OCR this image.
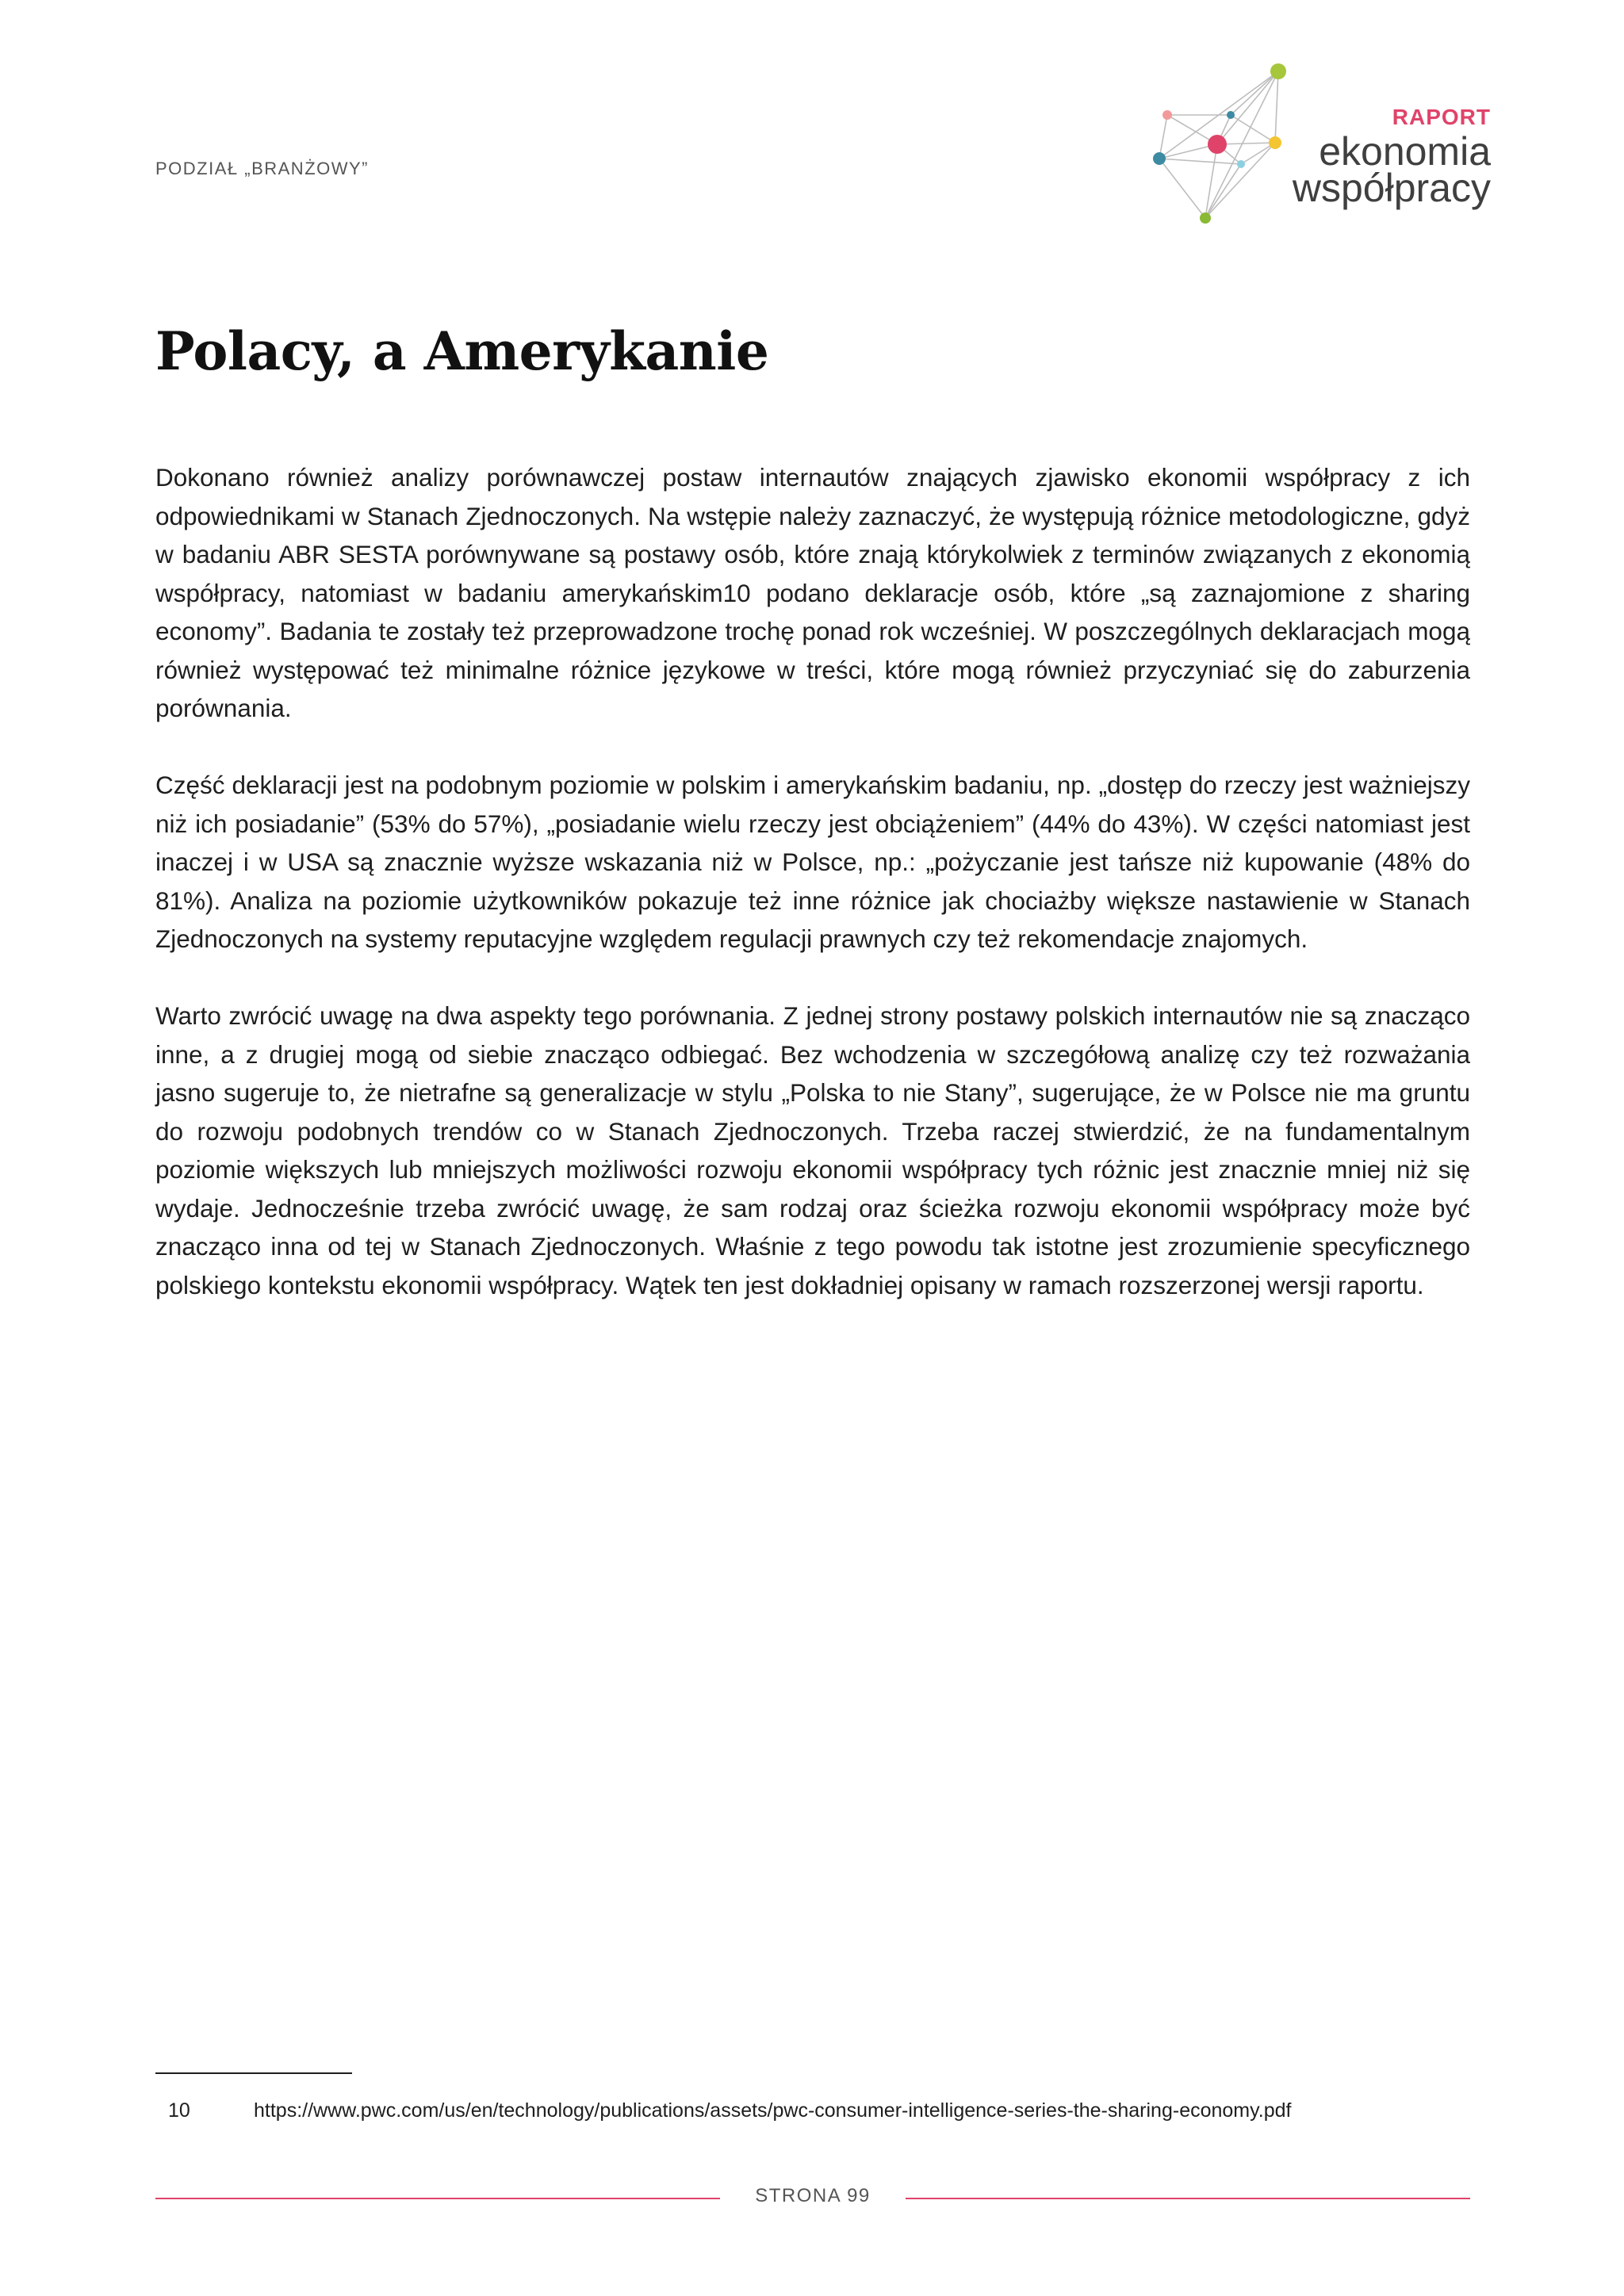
PODZIAŁ „BRANŻOWY”
RAPORT
ekonomia
współpracy
Polacy, a Amerykanie

Dokonano również analizy porównawczej postaw internautów znających zjawisko ekonomii współpracy z ich odpowiednikami w Stanach Zjednoczonych. Na wstępie należy zaznaczyć, że występują różnice metodologiczne, gdyż w badaniu ABR SESTA porównywane są postawy osób, które znają którykolwiek z terminów związanych z ekonomią współpracy, natomiast w badaniu amerykańskim10 podano deklaracje osób, które „są zaznajomione z sharing economy”. Badania te zostały też przeprowadzone trochę ponad rok wcześniej. W poszczególnych deklaracjach mogą również występować też minimalne różnice językowe w treści, które mogą również przyczyniać się do zaburzenia porównania.

Część deklaracji jest na podobnym poziomie w polskim i amerykańskim badaniu, np. „dostęp do rzeczy jest ważniejszy niż ich posiadanie” (53% do 57%), „posiadanie wielu rzeczy jest obciążeniem” (44% do 43%). W części natomiast jest inaczej i w USA są znacznie wyższe wskazania niż w Polsce, np.: „pożyczanie jest tańsze niż kupowanie (48% do 81%). Analiza na poziomie użytkowników pokazuje też inne różnice jak chociażby większe nastawienie w Stanach Zjednoczonych na systemy reputacyjne względem regulacji prawnych czy też rekomendacje znajomych.

Warto zwrócić uwagę na dwa aspekty tego porównania. Z jednej strony postawy polskich internautów nie są znacząco inne, a z drugiej mogą od siebie znacząco odbiegać. Bez wchodzenia w szczegółową analizę czy też rozważania jasno sugeruje to, że nietrafne są generalizacje w stylu „Polska to nie Stany”, sugerujące, że w Polsce nie ma gruntu do rozwoju podobnych trendów co w Stanach Zjednoczonych. Trzeba raczej stwierdzić, że na fundamentalnym poziomie większych lub mniejszych możliwości rozwoju ekonomii współpracy tych różnic jest znacznie mniej niż się wydaje. Jednocześnie trzeba zwrócić uwagę, że sam rodzaj oraz ścieżka rozwoju ekonomii współpracy może być znacząco inna od tej w Stanach Zjednoczonych. Właśnie z tego powodu tak istotne jest zrozumienie specyficznego polskiego kontekstu ekonomii współpracy. Wątek ten jest dokładniej opisany w ramach rozszerzonej wersji raportu.

10	https://www.pwc.com/us/en/technology/publications/assets/pwc-consumer-intelligence-series-the-sharing-economy.pdf
STRONA 99
